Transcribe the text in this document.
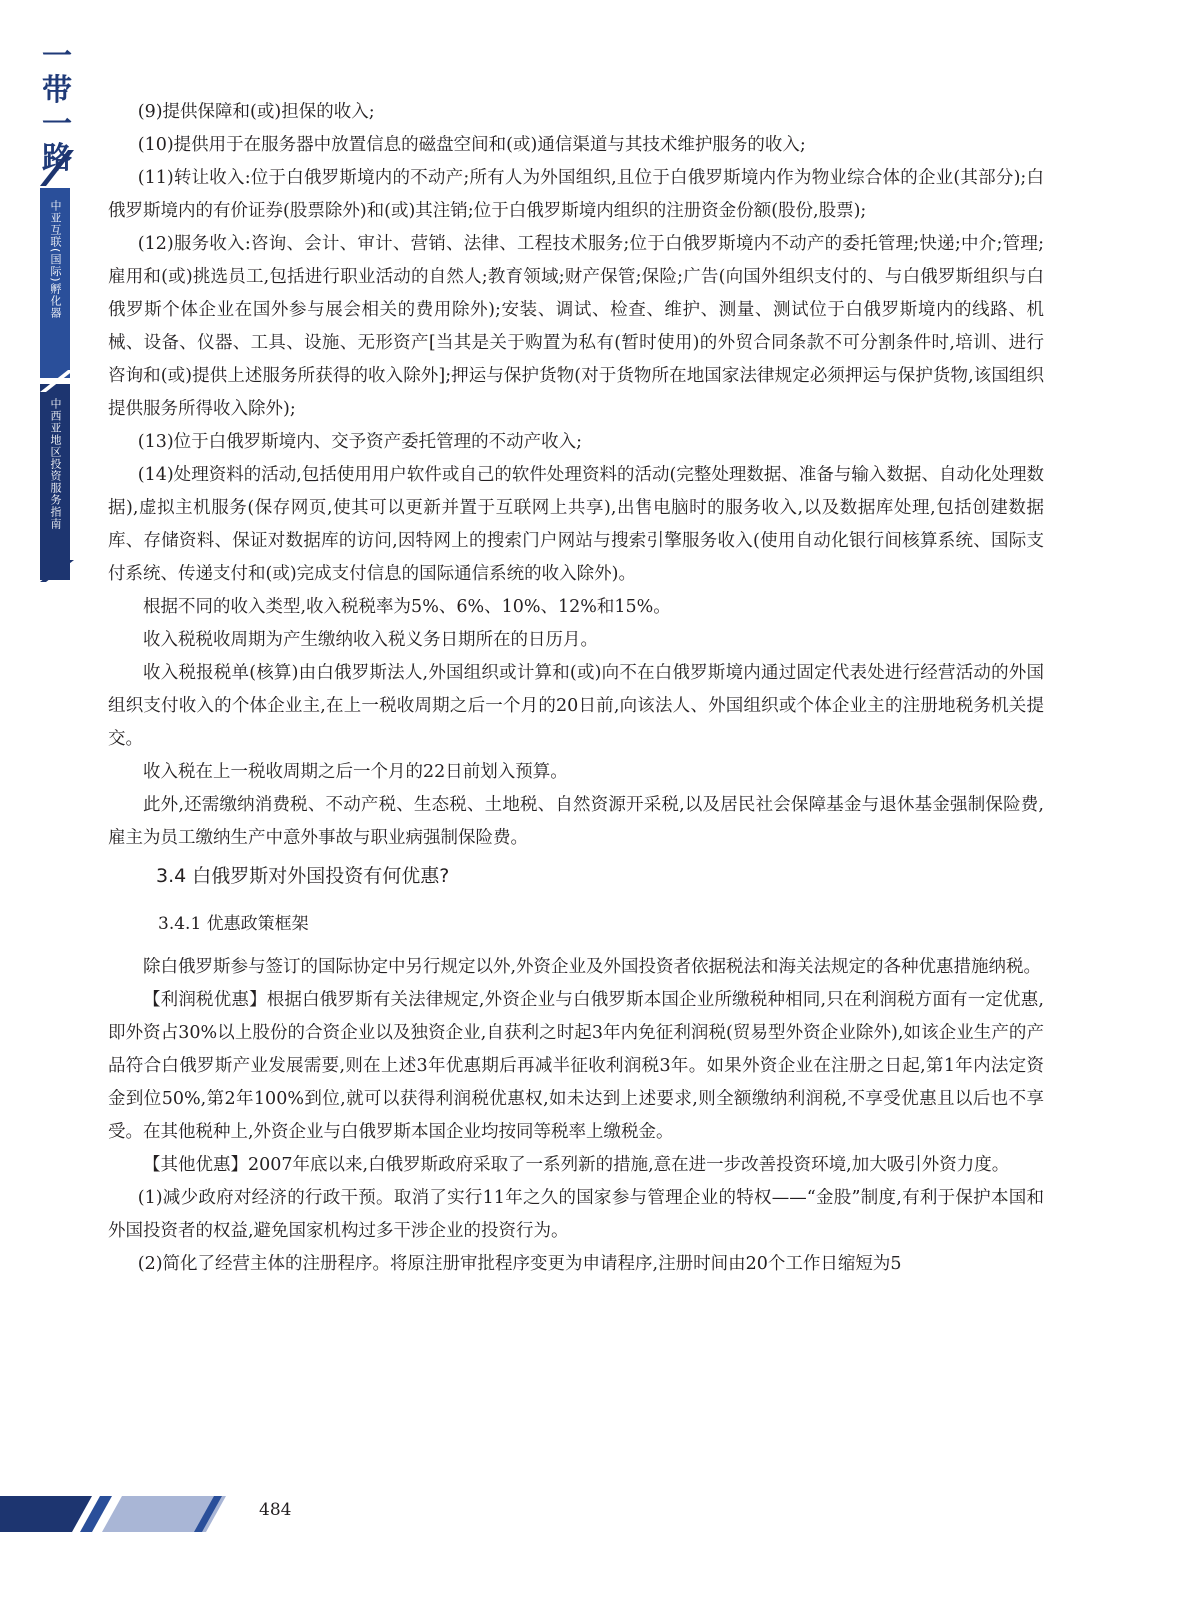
一
带
一
路
中亚互联(国际)孵化器
中西亚地区投资服务指南

(9)提供保障和(或)担保的收入;

(10)提供用于在服务器中放置信息的磁盘空间和(或)通信渠道与其技术维护服务的收入;

(11)转让收入:位于白俄罗斯境内的不动产;所有人为外国组织,且位于白俄罗斯境内作为物业综合体的企业(其部分);白俄罗斯境内的有价证券(股票除外)和(或)其注销;位于白俄罗斯境内组织的注册资金份额(股份,股票);

(12)服务收入:咨询、会计、审计、营销、法律、工程技术服务;位于白俄罗斯境内不动产的委托管理;快递;中介;管理;雇用和(或)挑选员工,包括进行职业活动的自然人;教育领域;财产保管;保险;广告(向国外组织支付的、与白俄罗斯组织与白俄罗斯个体企业在国外参与展会相关的费用除外);安装、调试、检查、维护、测量、测试位于白俄罗斯境内的线路、机械、设备、仪器、工具、设施、无形资产[当其是关于购置为私有(暂时使用)的外贸合同条款不可分割条件时,培训、进行咨询和(或)提供上述服务所获得的收入除外];押运与保护货物(对于货物所在地国家法律规定必须押运与保护货物,该国组织提供服务所得收入除外);

(13)位于白俄罗斯境内、交予资产委托管理的不动产收入;

(14)处理资料的活动,包括使用用户软件或自己的软件处理资料的活动(完整处理数据、准备与输入数据、自动化处理数据),虚拟主机服务(保存网页,使其可以更新并置于互联网上共享),出售电脑时的服务收入,以及数据库处理,包括创建数据库、存储资料、保证对数据库的访问,因特网上的搜索门户网站与搜索引擎服务收入(使用自动化银行间核算系统、国际支付系统、传递支付和(或)完成支付信息的国际通信系统的收入除外)。

根据不同的收入类型,收入税税率为5%、6%、10%、12%和15%。

收入税税收周期为产生缴纳收入税义务日期所在的日历月。

收入税报税单(核算)由白俄罗斯法人,外国组织或计算和(或)向不在白俄罗斯境内通过固定代表处进行经营活动的外国组织支付收入的个体企业主,在上一税收周期之后一个月的20日前,向该法人、外国组织或个体企业主的注册地税务机关提交。

收入税在上一税收周期之后一个月的22日前划入预算。

此外,还需缴纳消费税、不动产税、生态税、土地税、自然资源开采税,以及居民社会保障基金与退休基金强制保险费,雇主为员工缴纳生产中意外事故与职业病强制保险费。

3.4 白俄罗斯对外国投资有何优惠?

3.4.1 优惠政策框架

除白俄罗斯参与签订的国际协定中另行规定以外,外资企业及外国投资者依据税法和海关法规定的各种优惠措施纳税。

【利润税优惠】根据白俄罗斯有关法律规定,外资企业与白俄罗斯本国企业所缴税种相同,只在利润税方面有一定优惠,即外资占30%以上股份的合资企业以及独资企业,自获利之时起3年内免征利润税(贸易型外资企业除外),如该企业生产的产品符合白俄罗斯产业发展需要,则在上述3年优惠期后再减半征收利润税3年。如果外资企业在注册之日起,第1年内法定资金到位50%,第2年100%到位,就可以获得利润税优惠权,如未达到上述要求,则全额缴纳利润税,不享受优惠且以后也不享受。在其他税种上,外资企业与白俄罗斯本国企业均按同等税率上缴税金。

【其他优惠】2007年底以来,白俄罗斯政府采取了一系列新的措施,意在进一步改善投资环境,加大吸引外资力度。

(1)减少政府对经济的行政干预。取消了实行11年之久的国家参与管理企业的特权——“金股”制度,有利于保护本国和外国投资者的权益,避免国家机构过多干涉企业的投资行为。

(2)简化了经营主体的注册程序。将原注册审批程序变更为申请程序,注册时间由20个工作日缩短为5

484
